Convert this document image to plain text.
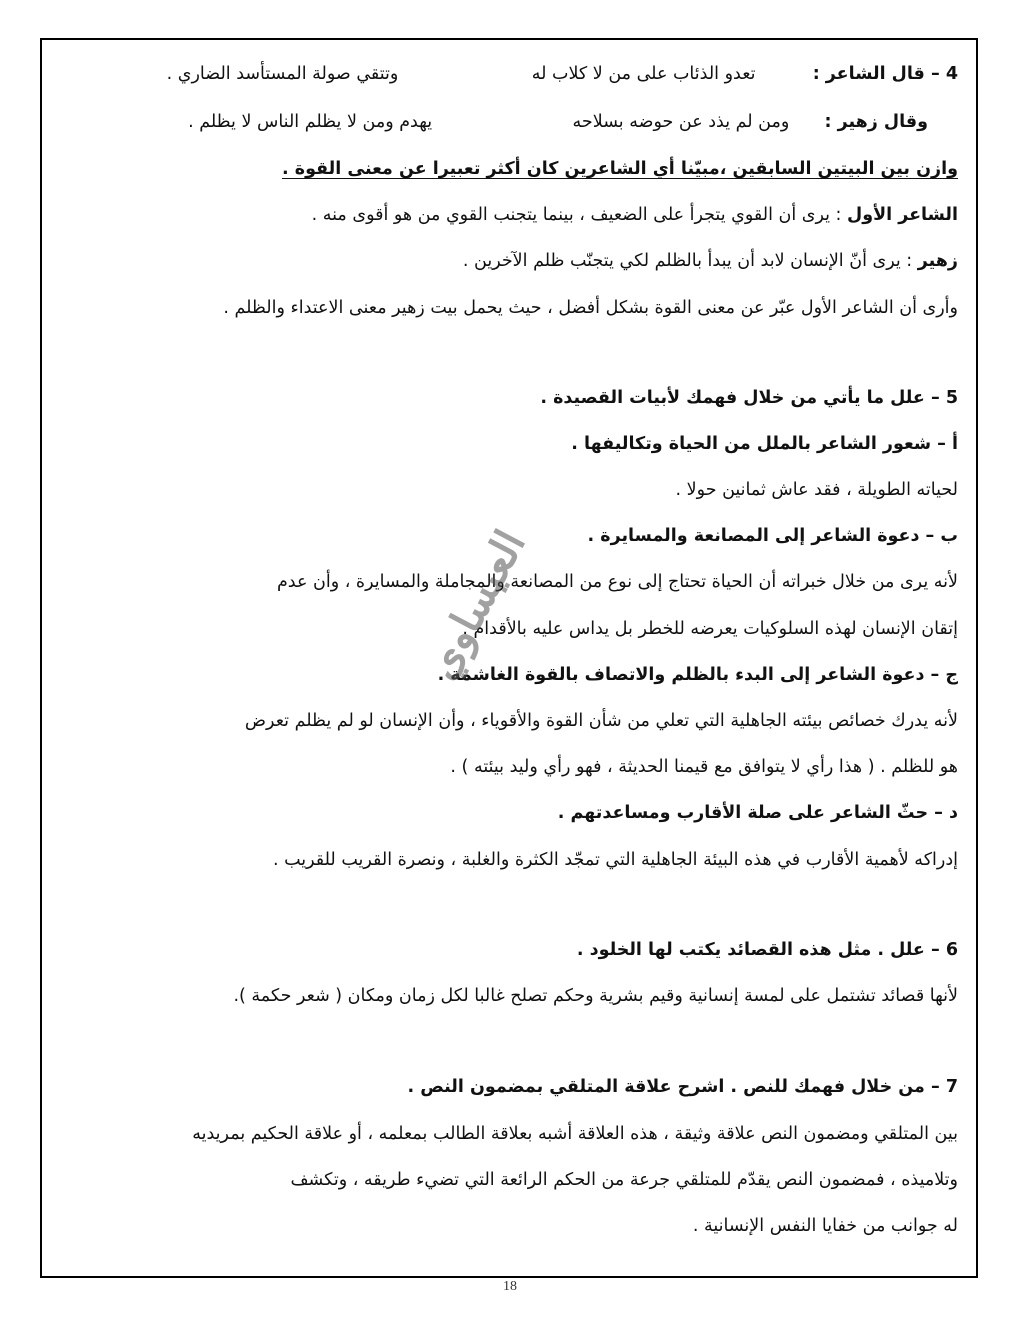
4 – قال الشاعر :  تعدو الذئاب على من لا كلاب له  وتتقي صولة المستأسد الضاري .
وقال زهير :  ومن لم يذد عن حوضه بسلاحه  يهدم ومن لا يظلم الناس لا يظلم .
وازن بين البيتين السابقين ،مبيّنا أي الشاعرين كان أكثر تعبيرا عن معنى القوة .
الشاعر الأول : يرى أن القوي يتجرأ على الضعيف ، بينما يتجنب القوي من هو أقوى منه .
زهير : يرى أنّ الإنسان لابد أن يبدأ بالظلم لكي يتجنّب ظلم الآخرين .
وأرى أن الشاعر الأول عبّر عن معنى القوة بشكل أفضل ، حيث يحمل بيت زهير معنى الاعتداء والظلم .
5 – علل ما يأتي من خلال فهمك لأبيات القصيدة .
أ – شعور الشاعر بالملل من الحياة وتكاليفها .
لحياته الطويلة ، فقد عاش ثمانين حولا .
ب – دعوة الشاعر إلى المصانعة والمسايرة .
لأنه يرى من خلال خبراته أن الحياة تحتاج إلى نوع من المصانعة والمجاملة والمسايرة ، وأن عدم
إتقان الإنسان لهذه السلوكيات يعرضه للخطر بل يداس عليه بالأقدام .
ج – دعوة الشاعر إلى البدء بالظلم والاتصاف بالقوة الغاشمة .
لأنه يدرك خصائص بيئته الجاهلية التي تعلي من شأن القوة والأقوياء ، وأن الإنسان لو لم يظلم تعرض
هو للظلم . ( هذا رأي لا يتوافق مع قيمنا الحديثة ، فهو رأي وليد بيئته ) .
د – حثّ الشاعر على صلة الأقارب ومساعدتهم .
إدراكه لأهمية الأقارب في هذه البيئة الجاهلية التي تمجّد الكثرة والغلبة ، ونصرة القريب للقريب .
6 – علل . مثل هذه القصائد يكتب لها الخلود .
لأنها قصائد تشتمل على لمسة إنسانية وقيم بشرية وحكم تصلح غالبا لكل زمان ومكان ( شعر حكمة ).
7 – من خلال فهمك للنص . اشرح علاقة المتلقي بمضمون النص .
بين المتلقي ومضمون النص علاقة وثيقة ، هذه العلاقة أشبه بعلاقة الطالب بمعلمه ، أو علاقة الحكيم بمريديه
وتلاميذه ، فمضمون النص يقدّم للمتلقي جرعة من الحكم الرائعة التي تضيء طريقه ، وتكشف
له جوانب من خفايا النفس الإنسانية .
العيساوي
18
